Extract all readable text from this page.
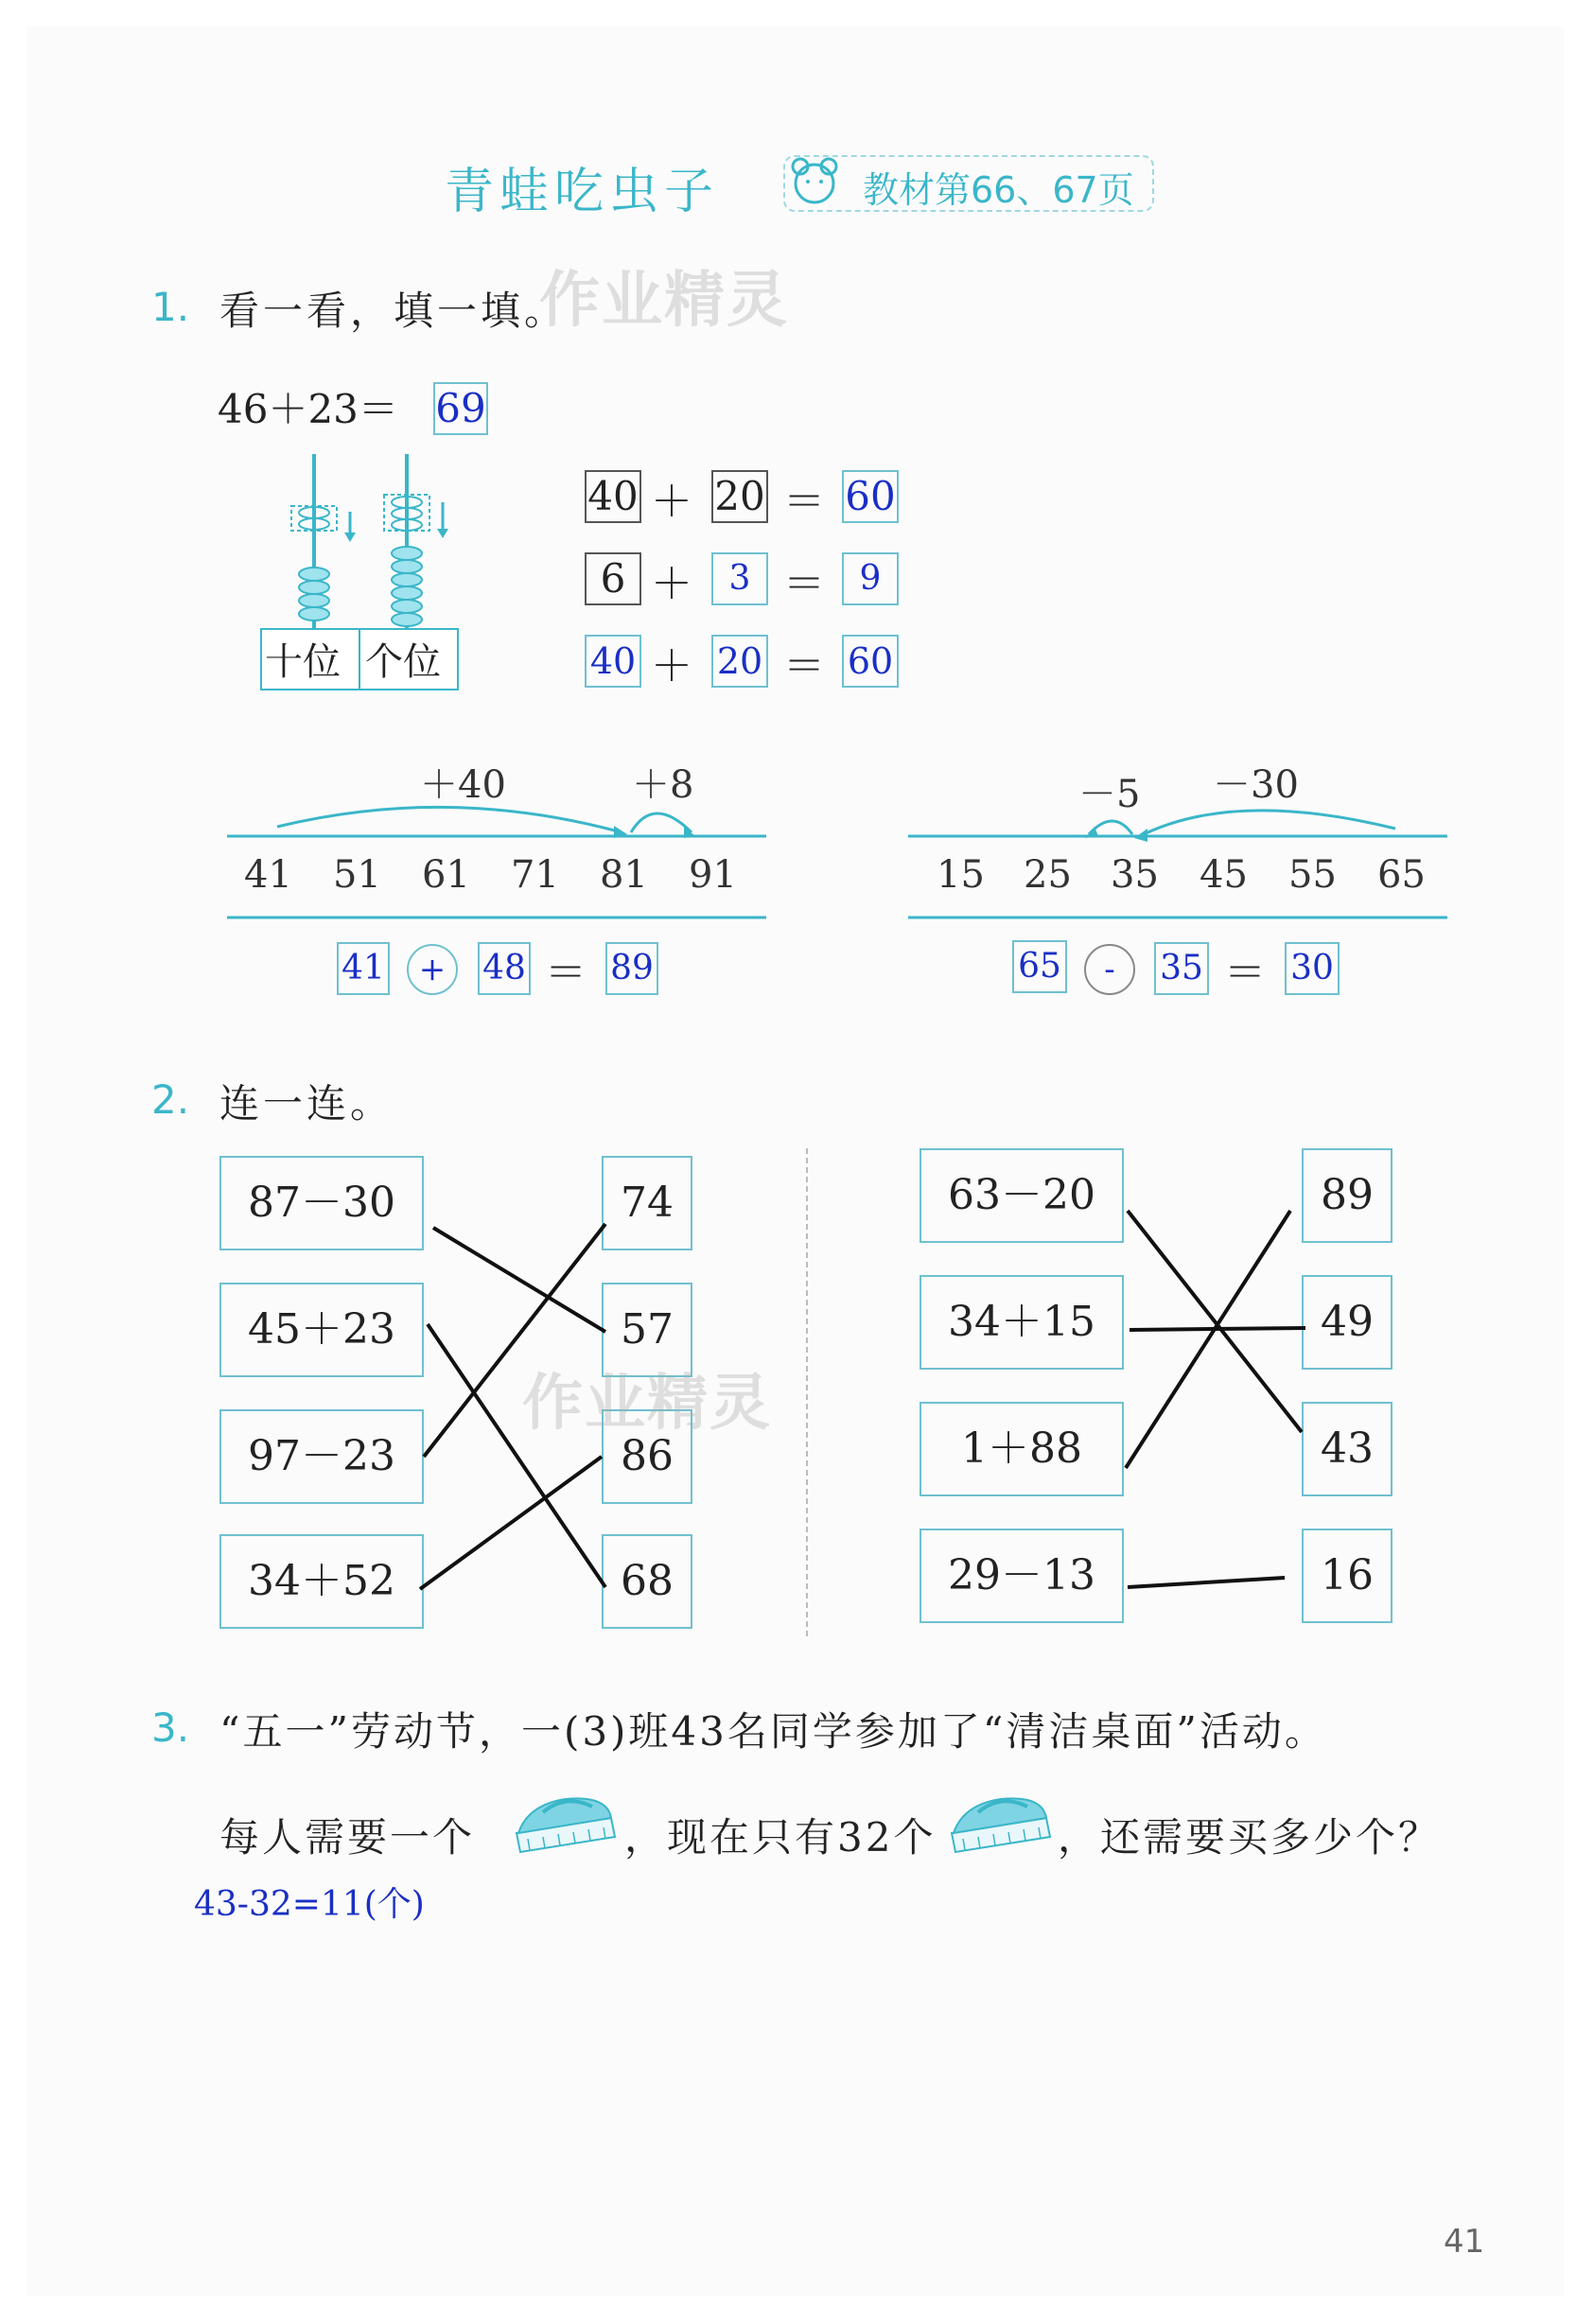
青蛙吃虫子	教材第66、67页
1. 看一看，填一填。
作业精灵
46＋23＝ 69
十位 个位
40 ＋ 20 ＝ 60
6 ＋	3 ＝	9
40 ＋ 20 ＝ 60
41 51 61 71 81 91
＋40	＋8
41	+	48 ＝ 89
15 25 35 45 55 65
－5 －30
65	-	35 ＝ 30
2. 连一连。
87－30
45＋23
97－23
34＋52
74
57
86
68
作业精灵
63－20
34＋15
1＋88
29－13
89
49
43
16
3. “五一”劳动节，一(3)班43名同学参加了“清洁桌面”活动。
每人需要一个	，现在只有32个	，还需要买多少个？
43-32=11(个)
41
